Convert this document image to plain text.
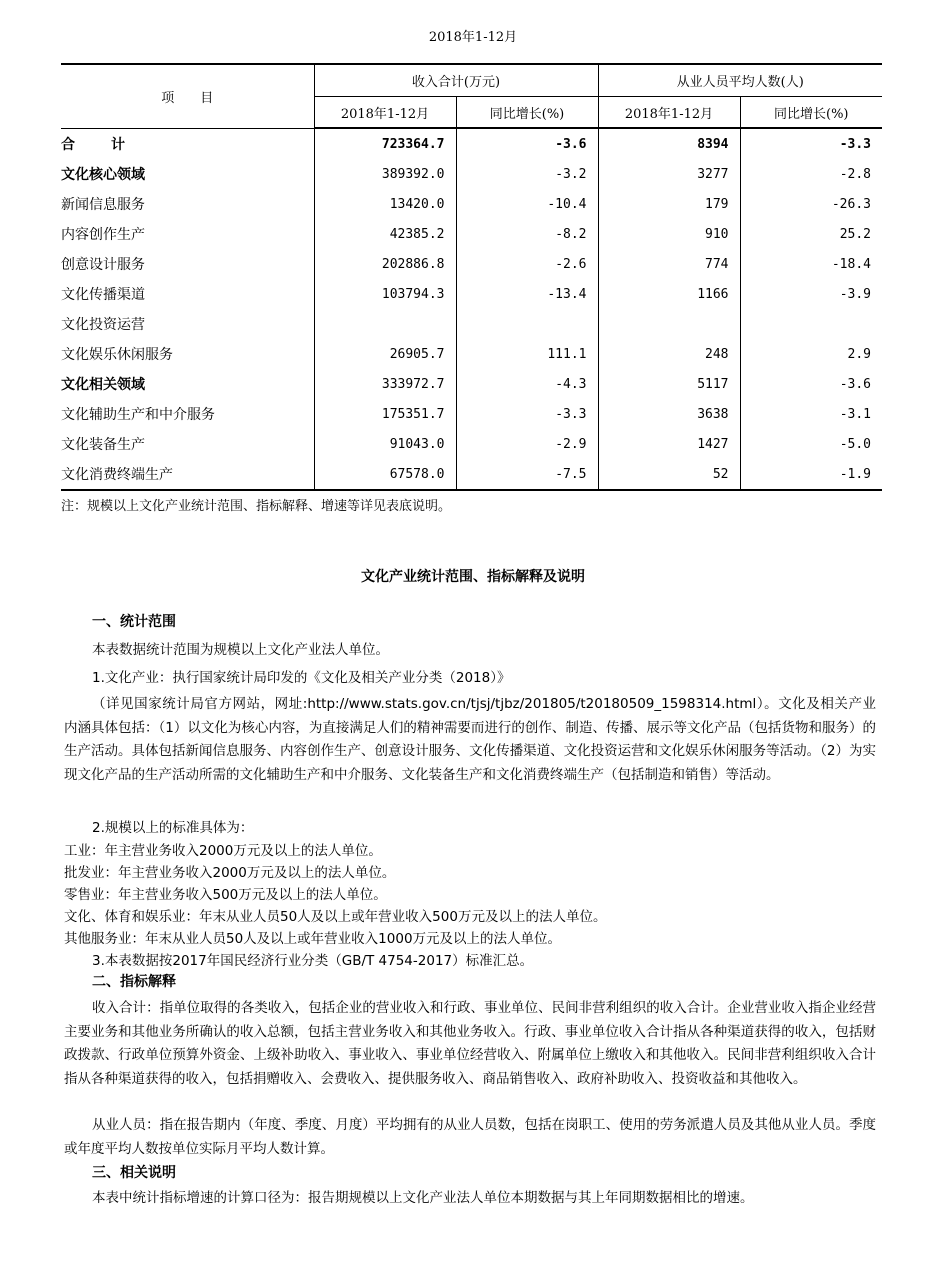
2018年1-12月
项　　目	收入合计(万元)		从业人员平均人数(人)	
	2018年1-12月	同比增长(%)	2018年1-12月	同比增长(%)
合 计	723364.7	-3.6	8394	-3.3
文化核心领域	389392.0	-3.2	3277	-2.8
新闻信息服务	13420.0	-10.4	179	-26.3
内容创作生产	42385.2	-8.2	910	25.2
创意设计服务	202886.8	-2.6	774	-18.4
文化传播渠道	103794.3	-13.4	1166	-3.9
文化投资运营				
文化娱乐休闲服务	26905.7	111.1	248	2.9
文化相关领域	333972.7	-4.3	5117	-3.6
文化辅助生产和中介服务	175351.7	-3.3	3638	-3.1
文化装备生产	91043.0	-2.9	1427	-5.0
文化消费终端生产	67578.0	-7.5	52	-1.9
注：规模以上文化产业统计范围、指标解释、增速等详见表底说明。
文化产业统计范围、指标解释及说明
一、统计范围
本表数据统计范围为规模以上文化产业法人单位。
1.文化产业：执行国家统计局印发的《文化及相关产业分类（2018）》

（详见国家统计局官方网站，网址:http://www.stats.gov.cn/tjsj/tjbz/201805/t20180509_1598314.html）。文化及相关产业内涵具体包括：（1）以文化为核心内容，为直接满足人们的精神需要而进行的创作、制造、传播、展示等文化产品（包括货物和服务）的生产活动。具体包括新闻信息服务、内容创作生产、创意设计服务、文化传播渠道、文化投资运营和文化娱乐休闲服务等活动。（2）为实现文化产品的生产活动所需的文化辅助生产和中介服务、文化装备生产和文化消费终端生产（包括制造和销售）等活动。

2.规模以上的标准具体为：
工业：年主营业务收入2000万元及以上的法人单位。
批发业：年主营业务收入2000万元及以上的法人单位。
零售业：年主营业务收入500万元及以上的法人单位。
文化、体育和娱乐业：年末从业人员50人及以上或年营业收入500万元及以上的法人单位。
其他服务业：年末从业人员50人及以上或年营业收入1000万元及以上的法人单位。
3.本表数据按2017年国民经济行业分类（GB/T 4754-2017）标准汇总。
二、指标解释

收入合计：指单位取得的各类收入，包括企业的营业收入和行政、事业单位、民间非营利组织的收入合计。企业营业收入指企业经营主要业务和其他业务所确认的收入总额，包括主营业务收入和其他业务收入。行政、事业单位收入合计指从各种渠道获得的收入，包括财政拨款、行政单位预算外资金、上级补助收入、事业收入、事业单位经营收入、附属单位上缴收入和其他收入。民间非营利组织收入合计指从各种渠道获得的收入，包括捐赠收入、会费收入、提供服务收入、商品销售收入、政府补助收入、投资收益和其他收入。

从业人员：指在报告期内（年度、季度、月度）平均拥有的从业人员数，包括在岗职工、使用的劳务派遣人员及其他从业人员。季度或年度平均人数按单位实际月平均人数计算。

三、相关说明
本表中统计指标增速的计算口径为：报告期规模以上文化产业法人单位本期数据与其上年同期数据相比的增速。
